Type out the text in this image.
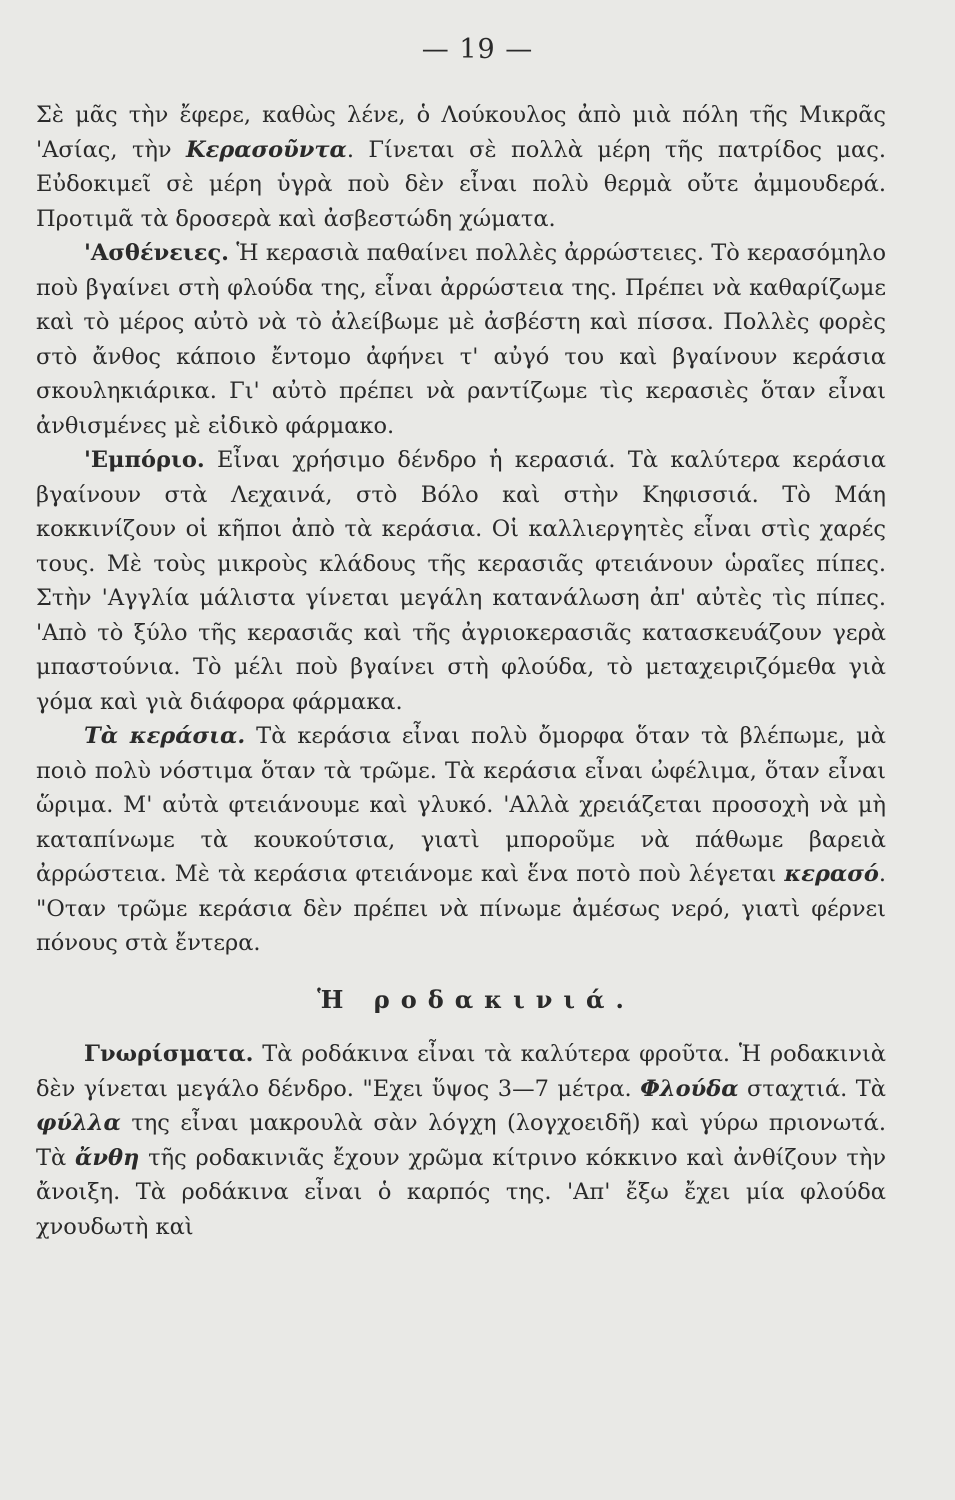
— 19 —

Σὲ μᾶς τὴν ἔφερε, καθὼς λένε, ὁ Λούκουλος ἀπὸ μιὰ πόλη τῆς Μικρᾶς 'Ασίας, τὴν Κερασοῦντα. Γίνεται σὲ πολλὰ μέρη τῆς πατρίδος μας. Εὐδοκιμεῖ σὲ μέρη ὑγρὰ ποὺ δὲν εἶναι πολὺ θερμὰ οὔτε ἀμμουδερά. Προτιμᾶ τὰ δροσερὰ καὶ ἀσβεστώδη χώματα.

'Ασθένειες. Ἡ κερασιὰ παθαίνει πολλὲς ἀρρώστειες. Τὸ κερασόμηλο ποὺ βγαίνει στὴ φλούδα της, εἶναι ἀρρώστεια της. Πρέπει νὰ καθαρίζωμε καὶ τὸ μέρος αὐτὸ νὰ τὸ ἀλείβωμε μὲ ἀσβέστη καὶ πίσσα. Πολλὲς φορὲς στὸ ἄνθος κάποιο ἔντομο ἀφήνει τ' αὐγό του καὶ βγαίνουν κεράσια σκουληκιάρικα. Γι' αὐτὸ πρέπει νὰ ραντίζωμε τὶς κερασιὲς ὅταν εἶναι ἀνθισμένες μὲ εἰδικὸ φάρμακο.

'Εμπόριο. Εἶναι χρήσιμο δένδρο ἡ κερασιά. Τὰ καλύτερα κεράσια βγαίνουν στὰ Λεχαινά, στὸ Βόλο καὶ στὴν Κηφισσιά. Τὸ Μάη κοκκινίζουν οἱ κῆποι ἀπὸ τὰ κεράσια. Οἱ καλλιεργητὲς εἶναι στὶς χαρές τους. Μὲ τοὺς μικροὺς κλάδους τῆς κερασιᾶς φτειάνουν ὡραῖες πίπες. Στὴν 'Αγγλία μάλιστα γίνεται μεγάλη κατανάλωση ἀπ' αὐτὲς τὶς πίπες. 'Απὸ τὸ ξύλο τῆς κερασιᾶς καὶ τῆς ἀγριοκερασιᾶς κατασκευάζουν γερὰ μπαστούνια. Τὸ μέλι ποὺ βγαίνει στὴ φλούδα, τὸ μεταχειριζόμεθα γιὰ γόμα καὶ γιὰ διάφορα φάρμακα.

Τὰ κεράσια. Τὰ κεράσια εἶναι πολὺ ὄμορφα ὅταν τὰ βλέπωμε, μὰ ποιὸ πολὺ νόστιμα ὅταν τὰ τρῶμε. Τὰ κεράσια εἶναι ὠφέλιμα, ὅταν εἶναι ὥριμα. Μ' αὐτὰ φτειάνουμε καὶ γλυκό. 'Αλλὰ χρειάζεται προσοχὴ νὰ μὴ καταπίνωμε τὰ κουκούτσια, γιατὶ μποροῦμε νὰ πάθωμε βαρειὰ ἀρρώστεια. Μὲ τὰ κεράσια φτειάνομε καὶ ἕνα ποτὸ ποὺ λέγεται κερασό. "Οταν τρῶμε κεράσια δὲν πρέπει νὰ πίνωμε ἀμέσως νερό, γιατὶ φέρνει πόνους στὰ ἔντερα.

Ἡ ροδακινιά.

Γνωρίσματα. Τὰ ροδάκινα εἶναι τὰ καλύτερα φροῦτα. Ἡ ροδακινιὰ δὲν γίνεται μεγάλο δένδρο. "Εχει ὕψος 3—7 μέτρα. Φλούδα σταχτιά. Τὰ φύλλα της εἶναι μακρουλὰ σὰν λόγχη (λογχοειδῆ) καὶ γύρω πριονωτά. Τὰ ἄνθη τῆς ροδακινιᾶς ἔχουν χρῶμα κίτρινο κόκκινο καὶ ἀνθίζουν τὴν ἄνοιξη. Τὰ ροδάκινα εἶναι ὁ καρπός της. 'Απ' ἔξω ἔχει μία φλούδα χνουδωτὴ καὶ
